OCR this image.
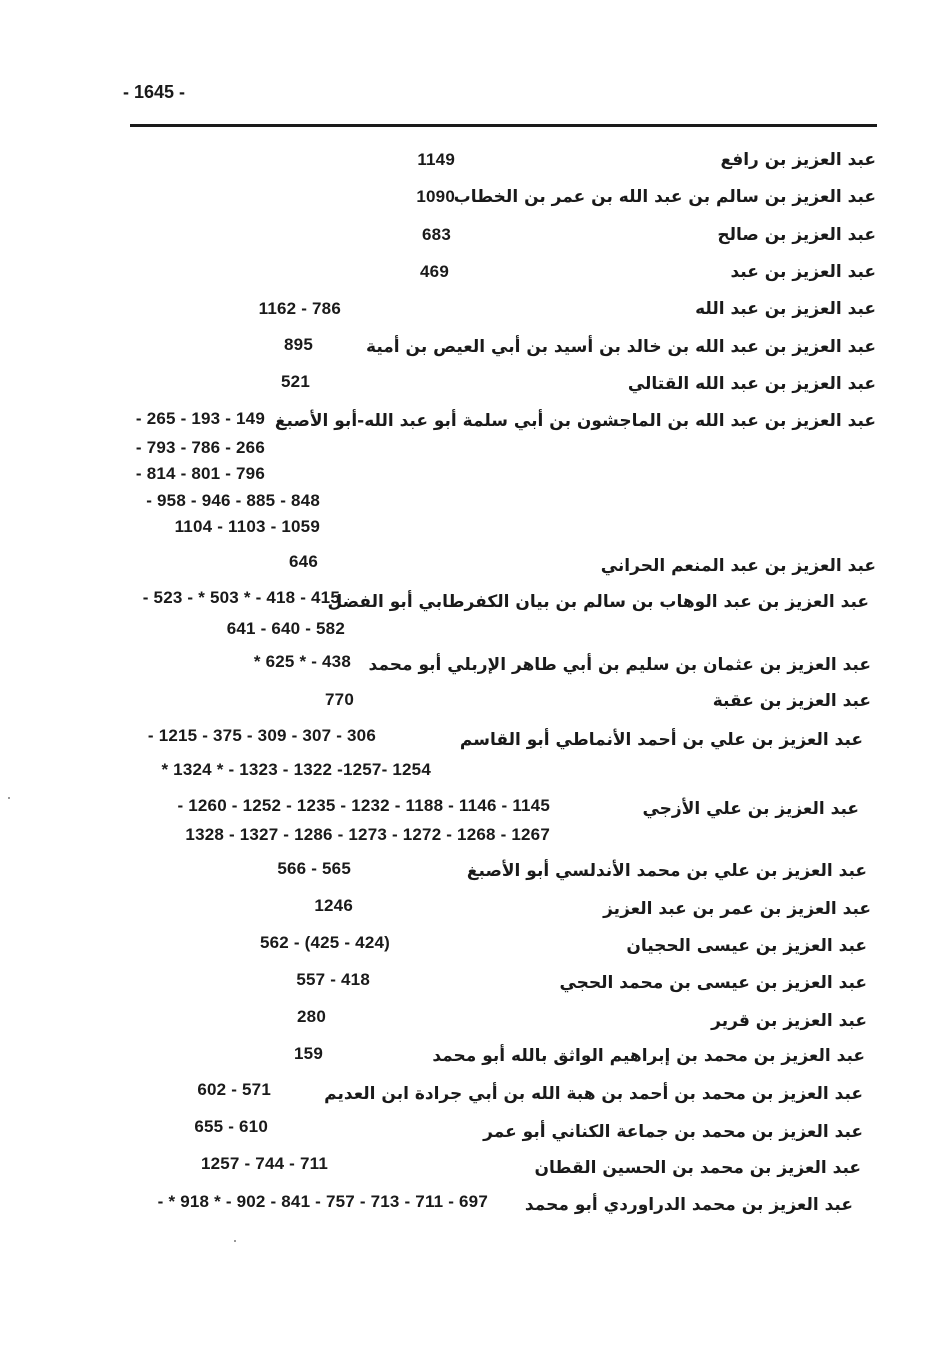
- 1645 -
عبد العزيز بن رافع
عبد العزيز بن سالم بن عبد الله بن عمر بن الخطاب
عبد العزيز بن صالح
عبد العزيز بن عبد
عبد العزيز بن عبد الله
عبد العزيز بن عبد الله بن خالد بن أسيد بن أبي العيص بن أمية
عبد العزيز بن عبد الله القتالي
عبد العزيز بن عبد الله بن الماجشون بن أبي سلمة أبو عبد الله-أبو الأصبغ
عبد العزيز بن عبد المنعم الحراني
عبد العزيز بن عبد الوهاب بن سالم بن بيان الكفرطابي أبو الفضل
عبد العزيز بن عثمان بن سليم بن أبي طاهر الإربلي أبو محمد
عبد العزيز بن عقبة
عبد العزيز بن علي بن أحمد الأنماطي أبو القاسم
عبد العزيز بن علي الأزجي
عبد العزيز بن علي بن محمد الأندلسي أبو الأصبغ
عبد العزيز بن عمر بن عبد العزيز
عبد العزيز بن عيسى الحجيان
عبد العزيز بن عيسى بن محمد الحجي
عبد العزيز بن قرير
عبد العزيز بن محمد بن إبراهيم الواثق بالله أبو محمد
عبد العزيز بن محمد بن أحمد بن هبة الله بن أبي جرادة ابن العديم
عبد العزيز بن محمد بن جماعة الكناني أبو عمر
عبد العزيز بن محمد بن الحسين القطان
عبد العزيز بن محمد الدراوردي أبو محمد
1149
1090
683
469
1162 - 786
895
521
- 265 - 193 - 149
- 793 - 786 - 266
- 814 - 801 - 796
- 958 - 946 - 885 - 848
1104 - 1103 - 1059
646
- 523 - * 503 * - 418 - 415
641 - 640 - 582
* 625 * - 438
770
- 1215 - 375 - 309 - 307 - 306
* 1324 * - 1323 - 1322 -1257- 1254
- 1260 - 1252 - 1235 - 1232 - 1188 - 1146 - 1145
1328 - 1327 - 1286 - 1273 - 1272 - 1268 - 1267
566 - 565
1246
562 - (425 - 424)
557 - 418
280
159
602 - 571
655 - 610
1257 - 744 - 711
- * 918 * - 902 - 841 - 757 - 713 - 711 - 697
